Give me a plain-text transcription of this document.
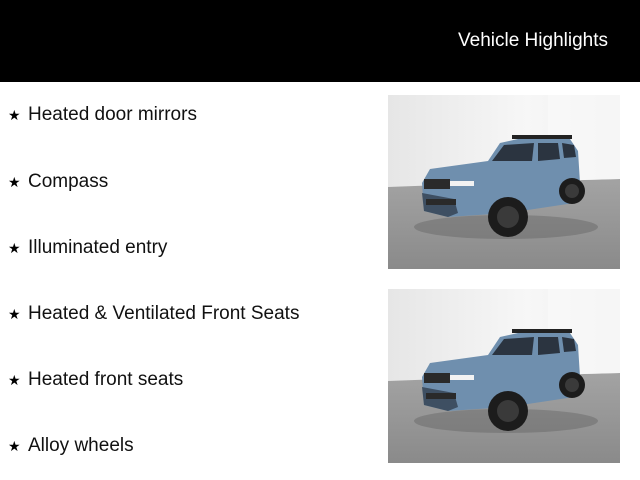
Vehicle Highlights
★ Heated door mirrors
★ Compass
★ Illuminated entry
★ Heated & Ventilated Front Seats
★ Heated front seats
★ Alloy wheels
